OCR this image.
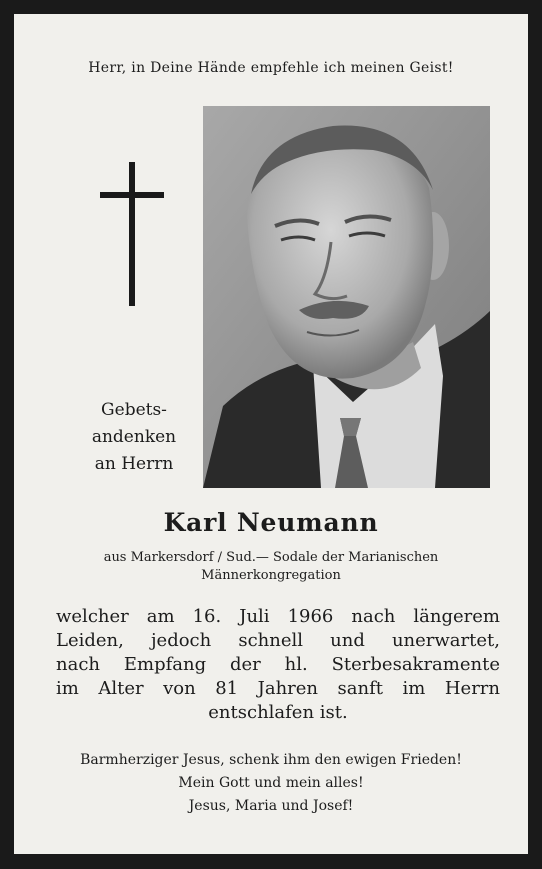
Herr, in Deine Hände empfehle ich meinen Geist!
Gebets-
andenken
an Herrn
Karl Neumann
aus Markersdorf / Sud.— Sodale der Marianischen
Männerkongregation
welcher am 16. Juli 1966 nach längerem
Leiden, jedoch schnell und unerwartet,
nach Empfang der hl. Sterbesakramente
im Alter von 81 Jahren sanft im Herrn
entschlafen ist.
Barmherziger Jesus, schenk ihm den ewigen Frieden!
Mein Gott und mein alles!
Jesus, Maria und Josef!
